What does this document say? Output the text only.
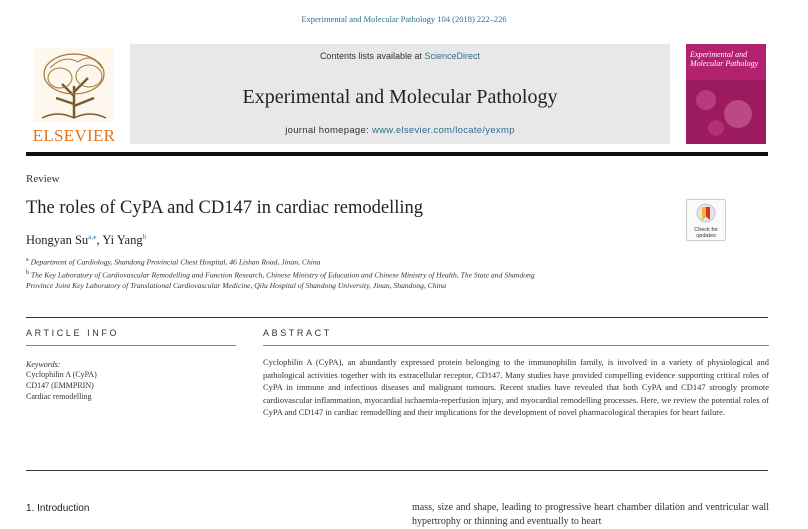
Experimental and Molecular Pathology 104 (2018) 222–226
ELSEVIER
Contents lists available at ScienceDirect
Experimental and Molecular Pathology
journal homepage: www.elsevier.com/locate/yexmp
Experimental and Molecular Pathology
Review
The roles of CyPA and CD147 in cardiac remodelling
Check for updates
Hongyan $Su^{a,⁎}$, Yi Yang$^b$
$^a$ Department of Cardiology, Shandong Provincial Chest Hospital, 46 Lishan Road, Jinan, China
$^b$ The Key Laboratory of Cardiovascular Remodelling and Function Research, Chinese Ministry of Education and Chinese Ministry of Health, The State and Shandong
Province Joint Key Laboratory of Translational Cardiovascular Medicine, Qilu Hospital of Shandong University, Jinan, Shandong, China
ARTICLE INFO	ABSTRACT
Keywords:
Cyclophilin A (CyPA)
CD147 (EMMPRIN)
Cardiac remodelling
Cyclophilin A (CyPA), an abundantly expressed protein belonging to the immunophilin family, is involved in a variety of physiological and pathological activities together with its extracellular receptor, CD147. Many studies have provided compelling evidence supporting critical roles of CyPA in immune and infectious diseases and malignant tumours. Recent studies have revealed that both CyPA and CD147 strongly promote cardiovascular inflammation, myocardial ischaemia-reperfusion injury, and myocardial remodelling processes. Here, we review the potential roles of CyPA and CD147 in cardiac remodelling and their implications for the development of novel pharmacological therapies for heart failure.
1. Introduction	mass, size and shape, leading to progressive heart chamber dilation and ventricular wall hypertrophy or thinning and eventually to heart
